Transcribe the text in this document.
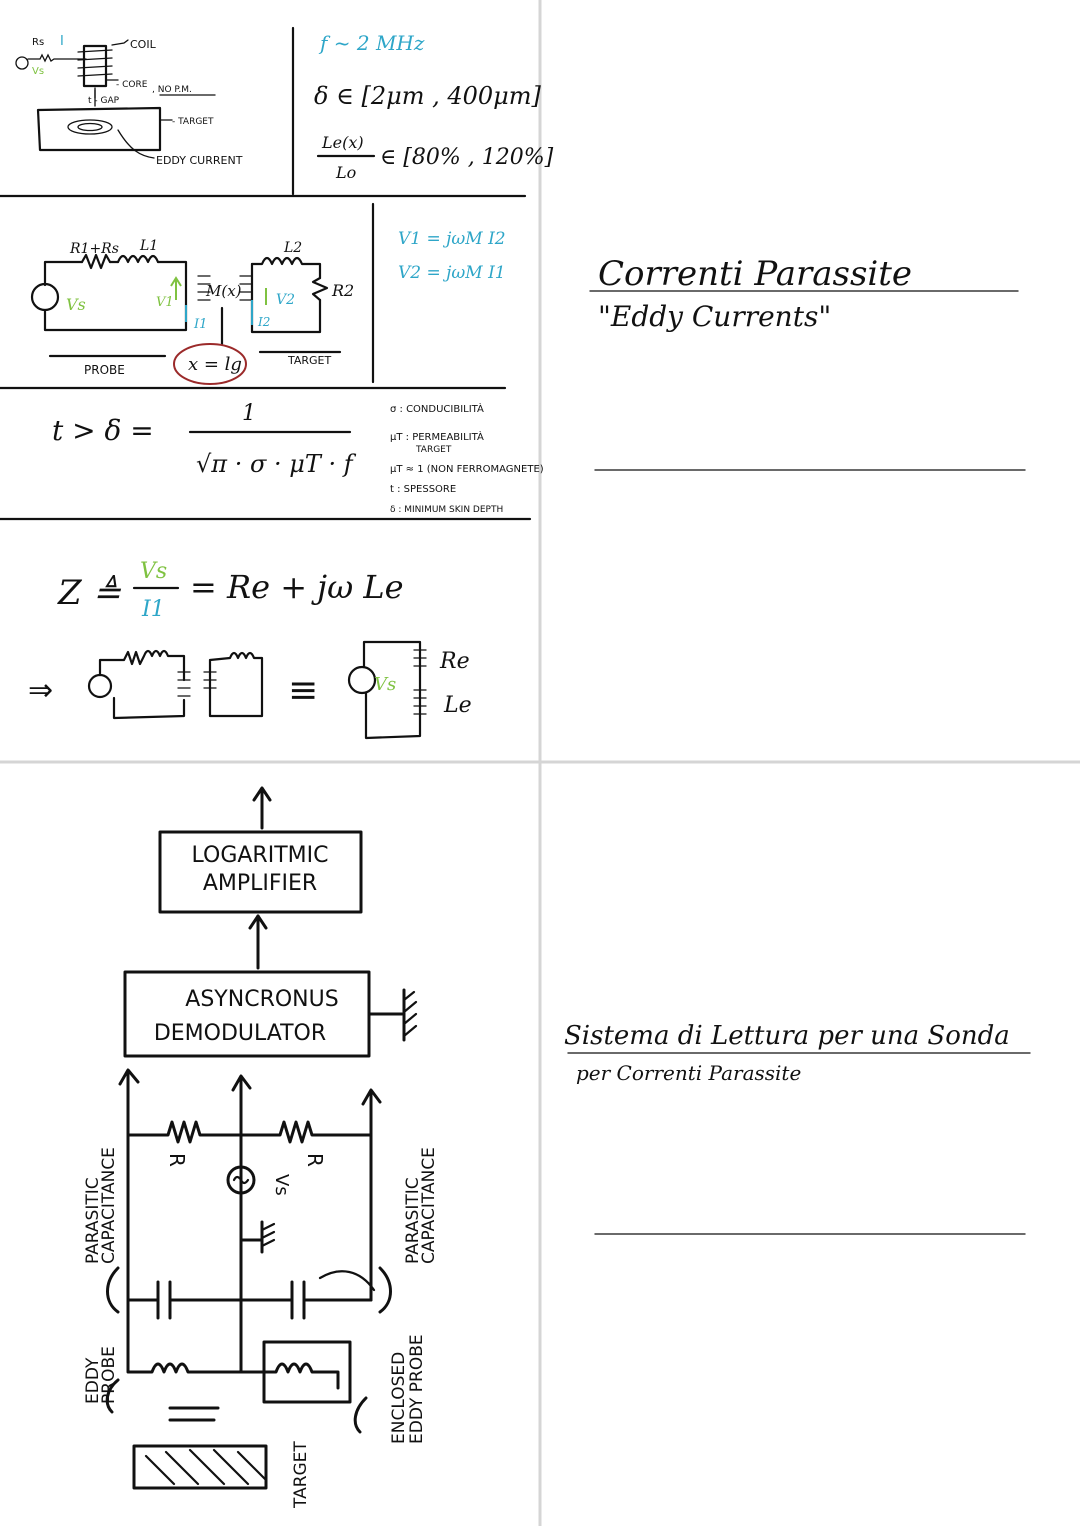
Rs I
Vs
COIL
- CORE
t - GAP
, NO P.M.
- TARGET
EDDY CURRENT
f ~ 2 MHz
δ ∈ [2μm , 400μm]
Le(x)
Lo
∈ [80% , 120%]
R1+Rs L1	L2
R2
Vs	V1	V2
I1	I2
M(x)
PROBE
TARGET
x = lg
V1 = jωM I2
V2 = jωM I1
t > δ =
1
√π · σ · μT · f
σ : CONDUCIBILITÀ
μT : PERMEABILITÀ
TARGET
μT ≈ 1 (NON FERROMAGNETE)
t : SPESSORE
δ : MINIMUM SKIN DEPTH
Z ≜
Vs
I1
= Re + jω Le
⇒	≡	Vs
Re
Le
Correnti Parassite
"Eddy Currents"
LOGARITMIC
AMPLIFIER
ASYNCRONUS
DEMODULATOR
R	R
Vs
PARASITIC
CAPACITANCE	PARASITIC
CAPACITANCE
EDDY
PROBE	ENCLOSED
EDDY PROBE
TARGET
Sistema di Lettura per una Sonda
per Correnti Parassite
